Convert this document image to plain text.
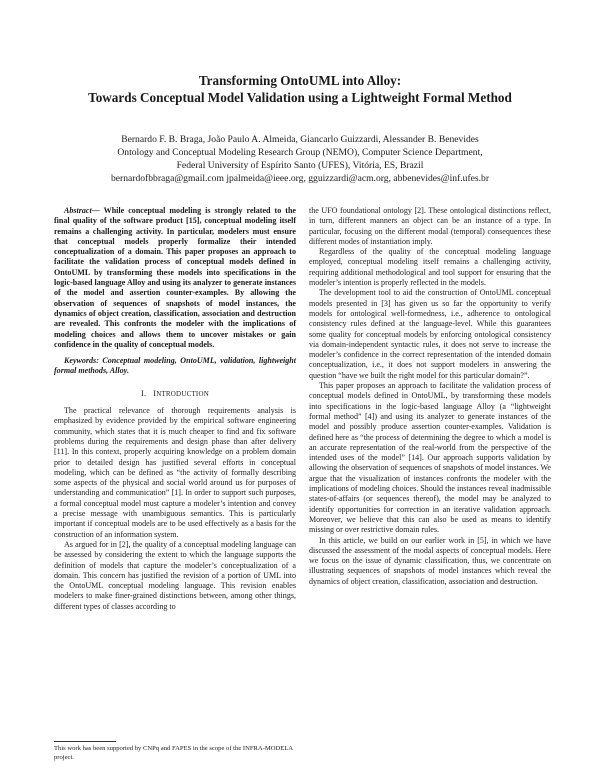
Transforming OntoUML into Alloy:
Towards Conceptual Model Validation using a Lightweight Formal Method
Bernardo F. B. Braga, João Paulo A. Almeida, Giancarlo Guizzardi, Alessander B. Benevides
Ontology and Conceptual Modeling Research Group (NEMO), Computer Science Department,
Federal University of Espírito Santo (UFES), Vitória, ES, Brazil
bernardofbbraga@gmail.com jpalmeida@ieee.org, gguizzardi@acm.org, abbenevides@inf.ufes.br

Abstract— While conceptual modeling is strongly related to the final quality of the software product [15], conceptual modeling itself remains a challenging activity. In particular, modelers must ensure that conceptual models properly formalize their intended conceptualization of a domain. This paper proposes an approach to facilitate the validation process of conceptual models defined in OntoUML by transforming these models into specifications in the logic-based language Alloy and using its analyzer to generate instances of the model and assertion counter-examples. By allowing the observation of sequences of snapshots of model instances, the dynamics of object creation, classification, association and destruction are revealed. This confronts the modeler with the implications of modeling choices and allows them to uncover mistakes or gain confidence in the quality of conceptual models.

Keywords: Conceptual modeling, OntoUML, validation, lightweight formal methods, Alloy.

I. INTRODUCTION

The practical relevance of thorough requirements analysis is emphasized by evidence provided by the empirical software engineering community, which states that it is much cheaper to find and fix software problems during the requirements and design phase than after delivery [11]. In this context, properly acquiring knowledge on a problem domain prior to detailed design has justified several efforts in conceptual modeling, which can be defined as “the activity of formally describing some aspects of the physical and social world around us for purposes of understanding and communication” [1]. In order to support such purposes, a formal conceptual model must capture a modeler’s intention and convey a precise message with unambiguous semantics. This is particularly important if conceptual models are to be used effectively as a basis for the construction of an information system.

As argued for in [2], the quality of a conceptual modeling language can be assessed by considering the extent to which the language supports the definition of models that capture the modeler’s conceptualization of a domain. This concern has justified the revision of a portion of UML into the OntoUML conceptual modeling language. This revision enables modelers to make finer-grained distinctions between, among other things, different types of classes according to

the UFO foundational ontology [2]. These ontological distinctions reflect, in turn, different manners an object can be an instance of a type. In particular, focusing on the different modal (temporal) consequences these different modes of instantiation imply.

Regardless of the quality of the conceptual modeling language employed, conceptual modeling itself remains a challenging activity, requiring additional methodological and tool support for ensuring that the modeler’s intention is properly reflected in the models.

The development tool to aid the construction of OntoUML conceptual models presented in [3] has given us so far the opportunity to verify models for ontological well-formedness, i.e., adherence to ontological consistency rules defined at the language-level. While this guarantees some quality for conceptual models by enforcing ontological consistency via domain-independent syntactic rules, it does not serve to increase the modeler’s confidence in the correct representation of the intended domain conceptualization, i.e., it does not support modelers in answering the question “have we built the right model for this particular domain?”.

This paper proposes an approach to facilitate the validation process of conceptual models defined in OntoUML, by transforming these models into specifications in the logic-based language Alloy (a “lightweight formal method” [4]) and using its analyzer to generate instances of the model and possibly produce assertion counter-examples. Validation is defined here as “the process of determining the degree to which a model is an accurate representation of the real-world from the perspective of the intended uses of the model” [14]. Our approach supports validation by allowing the observation of sequences of snapshots of model instances. We argue that the visualization of instances confronts the modeler with the implications of modeling choices. Should the instances reveal inadmissible states-of-affairs (or sequences thereof), the model may be analyzed to identify opportunities for correction in an iterative validation approach. Moreover, we believe that this can also be used as means to identify missing or over restrictive domain rules.

In this article, we build on our earlier work in [5], in which we have discussed the assessment of the modal aspects of conceptual models. Here we focus on the issue of dynamic classification, thus, we concentrate on illustrating sequences of snapshots of model instances which reveal the dynamics of object creation, classification, association and destruction.

This work has been supported by CNPq and FAPES in the scope of the INFRA-MODELA project.
